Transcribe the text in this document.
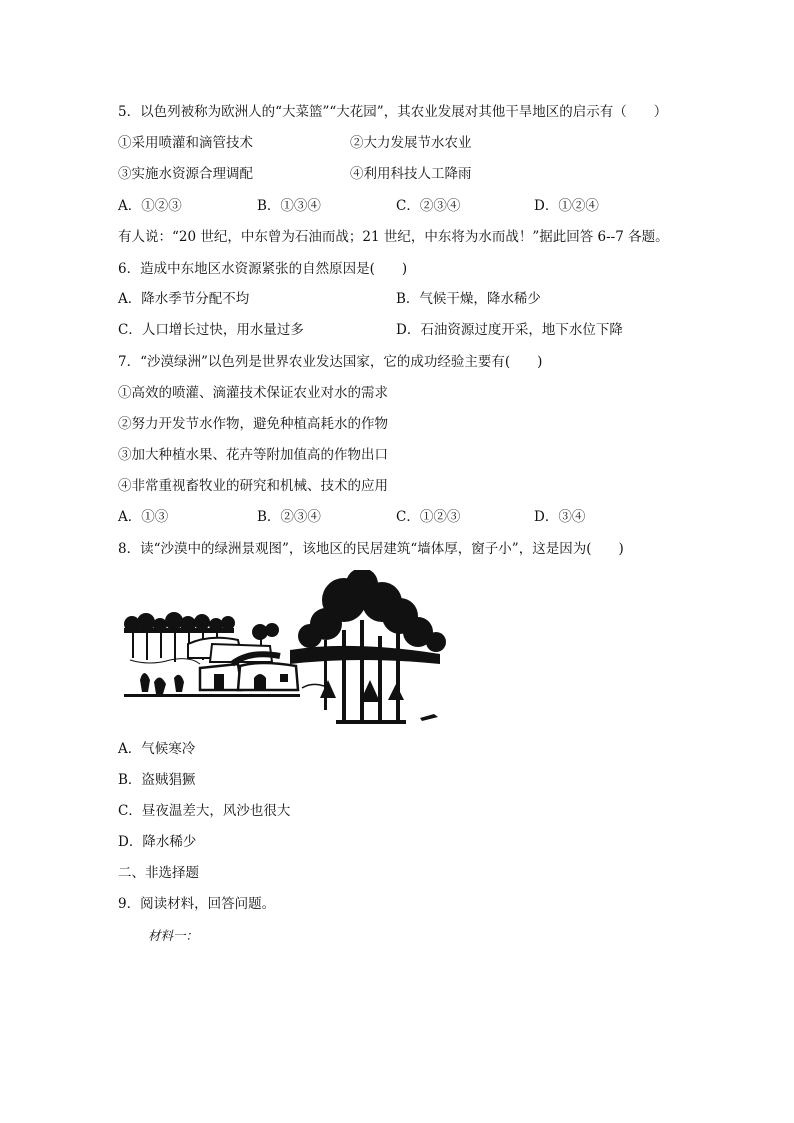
5．以色列被称为欧洲人的“大菜篮”“大花园”，其农业发展对其他干旱地区的启示有（　　）
①采用喷灌和滴管技术	②大力发展节水农业
③实施水资源合理调配	④利用科技人工降雨
A．①②③	B．①③④	C．②③④	D．①②④
有人说：“20 世纪，中东曾为石油而战；21 世纪，中东将为水而战！”据此回答 6--7 各题。
6．造成中东地区水资源紧张的自然原因是(　　)
A．降水季节分配不均	B．气候干燥，降水稀少
C．人口增长过快，用水量过多	D．石油资源过度开采，地下水位下降
7．“沙漠绿洲”以色列是世界农业发达国家，它的成功经验主要有(　　)
①高效的喷灌、滴灌技术保证农业对水的需求
②努力开发节水作物，避免种植高耗水的作物
③加大种植水果、花卉等附加值高的作物出口
④非常重视畜牧业的研究和机械、技术的应用
A．①③	B．②③④	C．①②③	D．③④
8．读“沙漠中的绿洲景观图”，该地区的民居建筑“墙体厚，窗子小”，这是因为(　　)
A．气候寒冷
B．盗贼猖獗
C．昼夜温差大，风沙也很大
D．降水稀少
二、非选择题
9．阅读材料，回答问题。
材料一：
